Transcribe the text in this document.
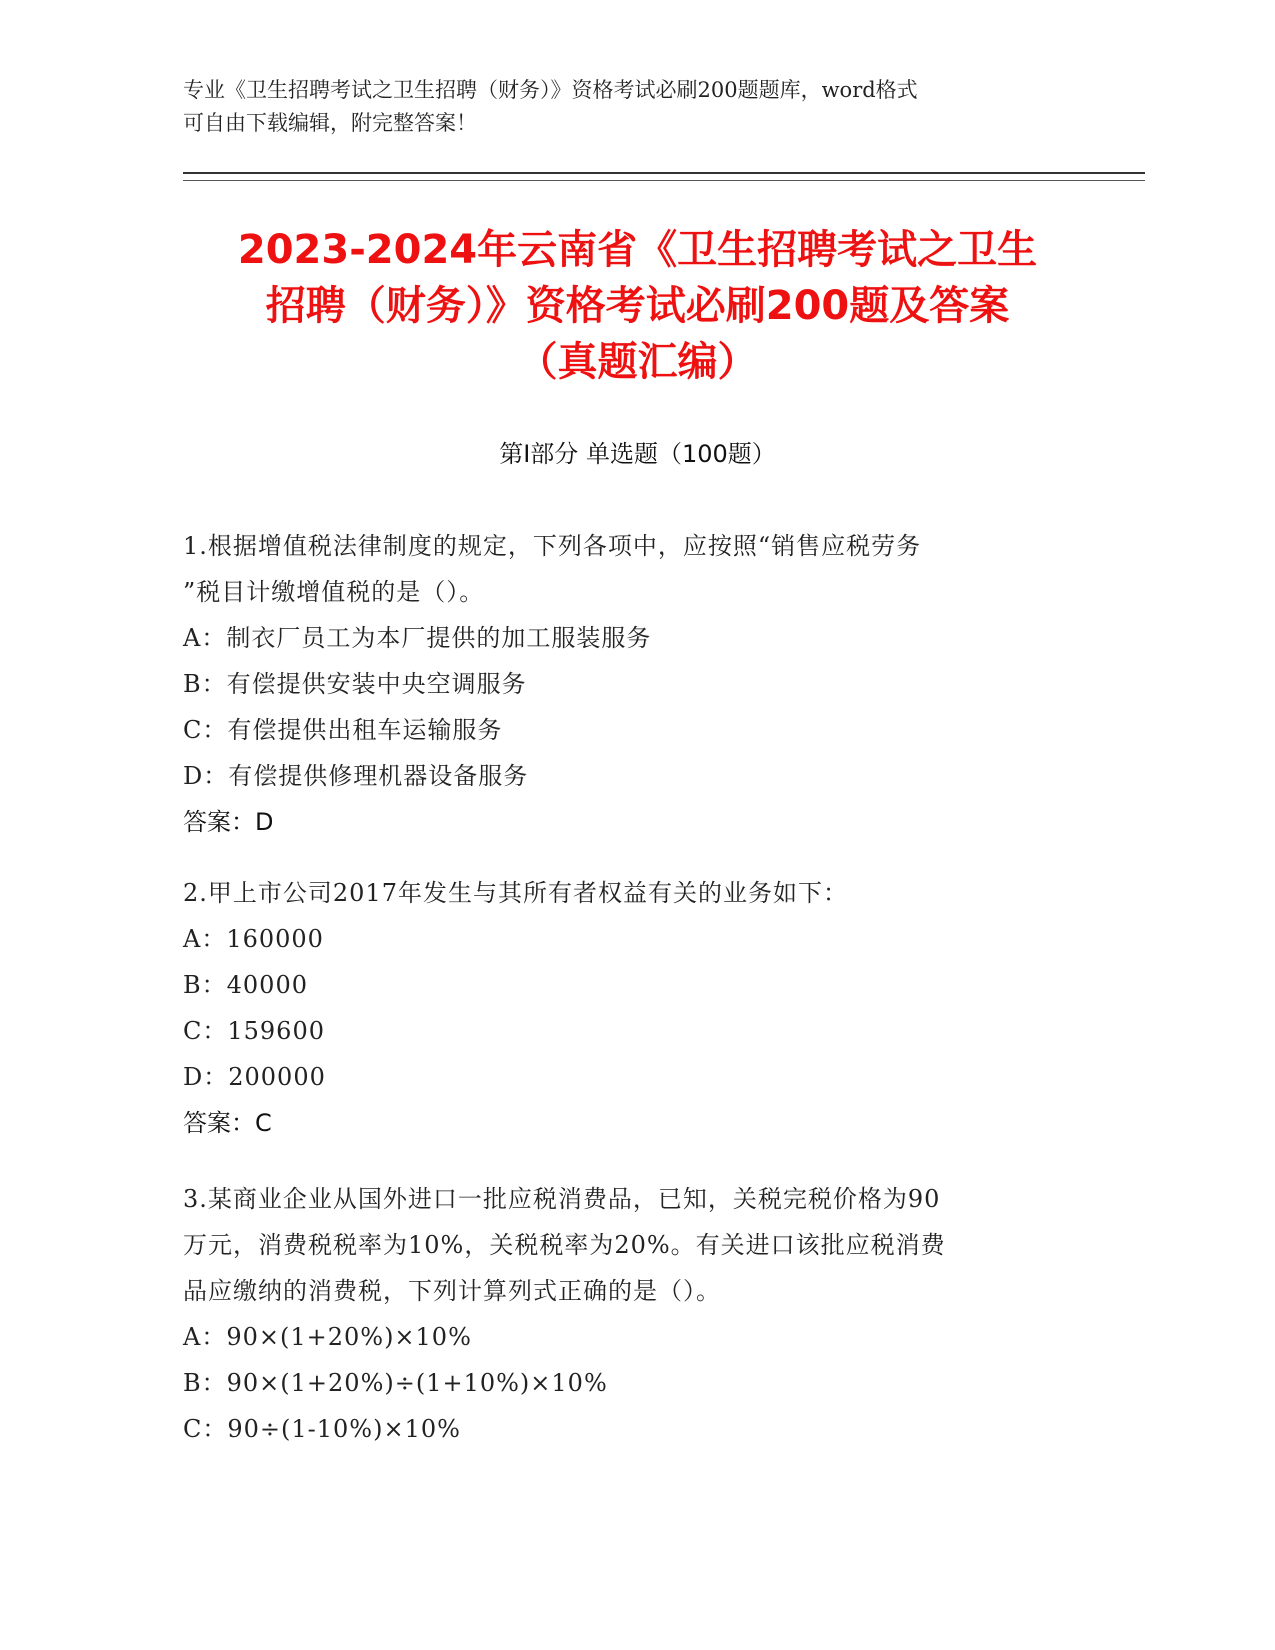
专业《卫生招聘考试之卫生招聘（财务）》资格考试必刷200题题库，word格式
可自由下载编辑，附完整答案！
2023-2024年云南省《卫生招聘考试之卫生
招聘（财务）》资格考试必刷200题及答案
（真题汇编）
第Ⅰ部分 单选题（100题）
1.根据增值税法律制度的规定，下列各项中，应按照“销售应税劳务
”税目计缴增值税的是（）。
A：制衣厂员工为本厂提供的加工服装服务
B：有偿提供安装中央空调服务
C：有偿提供出租车运输服务
D：有偿提供修理机器设备服务
答案：D
2.甲上市公司2017年发生与其所有者权益有关的业务如下：
A：160000
B：40000
C：159600
D：200000
答案：C
3.某商业企业从国外进口一批应税消费品，已知，关税完税价格为90
万元，消费税税率为10%，关税税率为20%。有关进口该批应税消费
品应缴纳的消费税，下列计算列式正确的是（）。
A：90×(1+20%)×10%
B：90×(1+20%)÷(1+10%)×10%
C：90÷(1-10%)×10%
